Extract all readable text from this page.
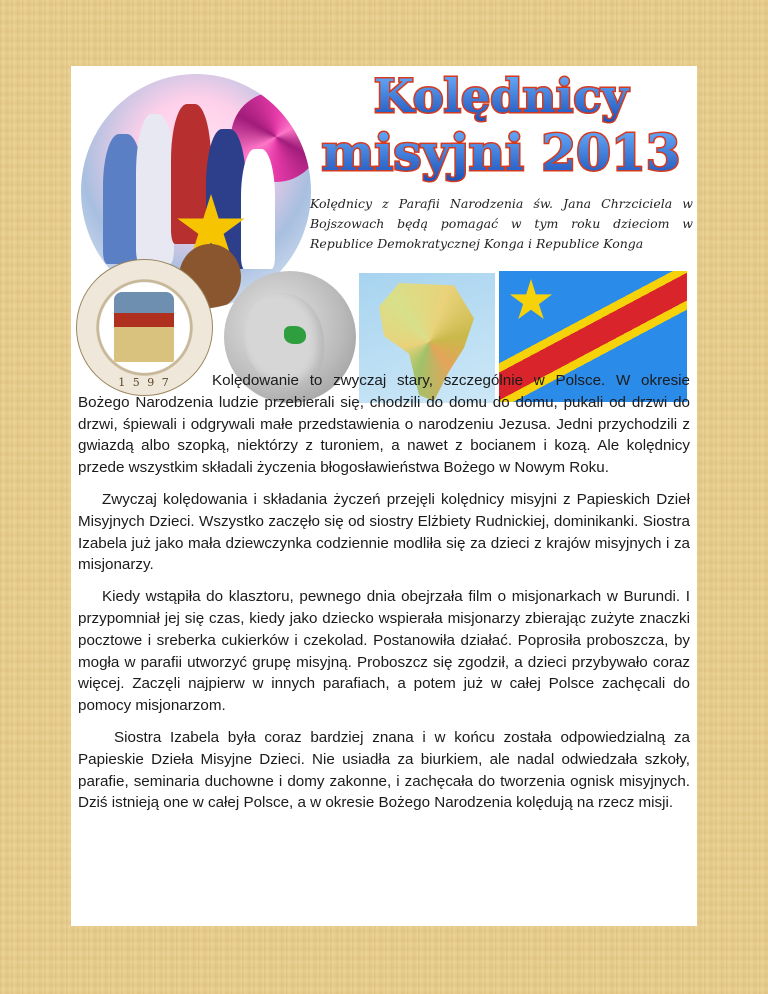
Kolędnicy
misyjni 2013
Kolędnicy z Parafii Narodzenia św. Jana Chrzciciela w Bojszowach będą pomagać w tym roku dzieciom w Republice Demokratycznej Konga i Republice Konga
1 5 9 7	Kolędowanie to zwyczaj stary, szczególnie w Polsce. W okresie Bożego Narodzenia ludzie przebierali się, chodzili do domu do domu, pukali od drzwi do drzwi, śpiewali i odgrywali małe przedstawienia o narodzeniu Jezusa. Jedni przychodzili z gwiazdą albo szopką, niektórzy z turoniem, a nawet z bocianem i kozą. Ale kolędnicy przede wszystkim składali życzenia błogosławieństwa Bożego w Nowym Roku.

Zwyczaj kolędowania i składania życzeń przejęli kolędnicy misyjni z Papieskich Dzieł Misyjnych Dzieci. Wszystko zaczęło się od siostry Elżbiety Rudnickiej, dominikanki. Siostra Izabela już jako mała dziewczynka codziennie modliła się za dzieci z krajów misyjnych i za misjonarzy.

Kiedy wstąpiła do klasztoru, pewnego dnia obejrzała film o misjonarkach w Burundi. I przypomniał jej się czas, kiedy jako dziecko wspierała misjonarzy zbierając zużyte znaczki pocztowe i sreberka cukierków i czekolad. Postanowiła działać. Poprosiła proboszcza, by mogła w parafii utworzyć grupę misyjną. Proboszcz się zgodził, a dzieci przybywało coraz więcej. Zaczęli najpierw w innych parafiach, a potem już w całej Polsce zachęcali do pomocy misjonarzom.

Siostra Izabela była coraz bardziej znana i w końcu została odpowiedzialną za Papieskie Dzieła Misyjne Dzieci. Nie usiadła za biurkiem, ale nadal odwiedzała szkoły, parafie, seminaria duchowne i domy zakonne, i zachęcała do tworzenia ognisk misyjnych. Dziś istnieją one w całej Polsce, a w okresie Bożego Narodzenia kolędują na rzecz misji.
